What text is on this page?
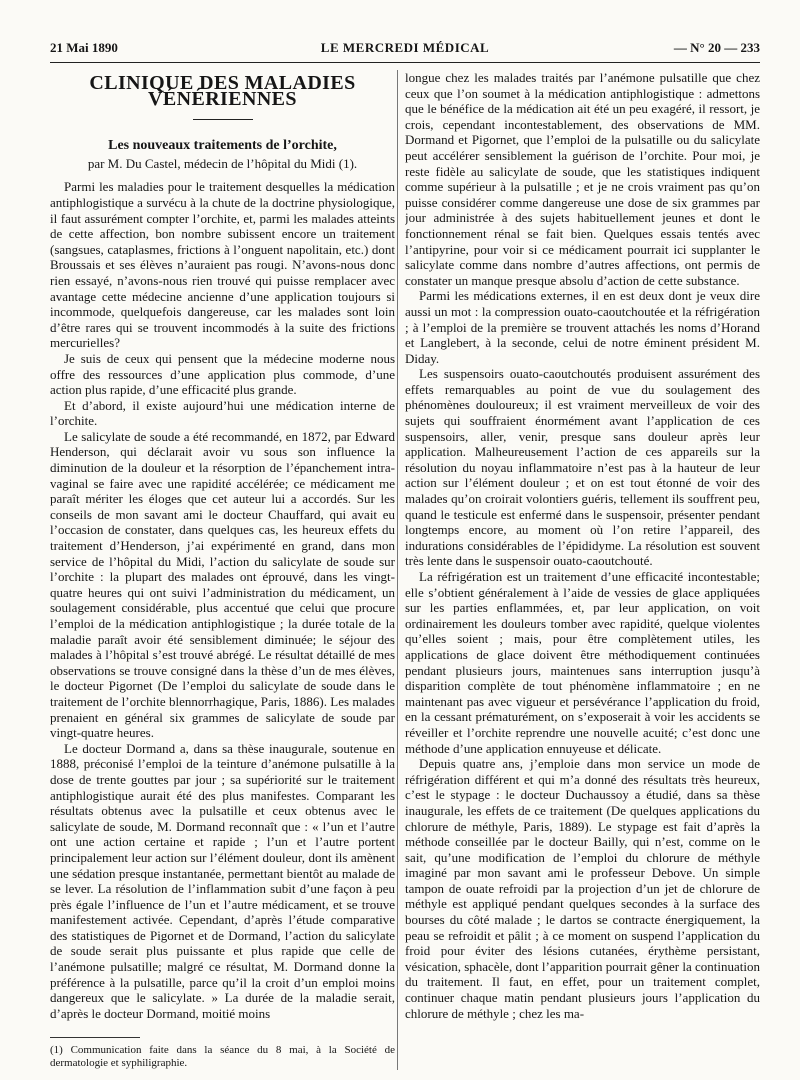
21 Mai 1890	LE MERCREDI MÉDICAL	— N° 20 — 233
CLINIQUE DES MALADIES VÉNÉRIENNES
Les nouveaux traitements de l’orchite,
par M. Du Castel, médecin de l’hôpital du Midi (1).

Parmi les maladies pour le traitement desquelles la médication antiphlogistique a survécu à la chute de la doctrine physiologique, il faut assurément compter l’orchite, et, parmi les malades atteints de cette affection, bon nombre subissent encore un traitement (sangsues, cataplasmes, frictions à l’onguent napolitain, etc.) dont Broussais et ses élèves n’auraient pas rougi. N’avons-nous donc rien essayé, n’avons-nous rien trouvé qui puisse remplacer avec avantage cette médecine ancienne d’une application toujours si incommode, quelquefois dangereuse, car les malades sont loin d’être rares qui se trouvent incommodés à la suite des frictions mercurielles?

Je suis de ceux qui pensent que la médecine moderne nous offre des ressources d’une application plus commode, d’une action plus rapide, d’une efficacité plus grande.

Et d’abord, il existe aujourd’hui une médication interne de l’orchite.

Le salicylate de soude a été recommandé, en 1872, par Edward Henderson, qui déclarait avoir vu sous son influence la diminution de la douleur et la résorption de l’épanchement intra-vaginal se faire avec une rapidité accélérée; ce médicament me paraît mériter les éloges que cet auteur lui a accordés. Sur les conseils de mon savant ami le docteur Chauffard, qui avait eu l’occasion de constater, dans quelques cas, les heureux effets du traitement d’Henderson, j’ai expérimenté en grand, dans mon service de l’hôpital du Midi, l’action du salicylate de soude sur l’orchite : la plupart des malades ont éprouvé, dans les vingt-quatre heures qui ont suivi l’administration du médicament, un soulagement considérable, plus accentué que celui que procure l’emploi de la médication antiphlogistique ; la durée totale de la maladie paraît avoir été sensiblement diminuée; le séjour des malades à l’hôpital s’est trouvé abrégé. Le résultat détaillé de mes observations se trouve consigné dans la thèse d’un de mes élèves, le docteur Pigornet (De l’emploi du salicylate de soude dans le traitement de l’orchite blennorrhagique, Paris, 1886). Les malades prenaient en général six grammes de salicylate de soude par vingt-quatre heures.

Le docteur Dormand a, dans sa thèse inaugurale, soutenue en 1888, préconisé l’emploi de la teinture d’anémone pulsatille à la dose de trente gouttes par jour ; sa supériorité sur le traitement antiphlogistique aurait été des plus manifestes. Comparant les résultats obtenus avec la pulsatille et ceux obtenus avec le salicylate de soude, M. Dormand reconnaît que : « l’un et l’autre ont une action certaine et rapide ; l’un et l’autre portent principalement leur action sur l’élément douleur, dont ils amènent une sédation presque instantanée, permettant bientôt au malade de se lever. La résolution de l’inflammation subit d’une façon à peu près égale l’influence de l’un et l’autre médicament, et se trouve manifestement activée. Cependant, d’après l’étude comparative des statistiques de Pigornet et de Dormand, l’action du salicylate de soude serait plus puissante et plus rapide que celle de l’anémone pulsatille; malgré ce résultat, M. Dormand donne la préférence à la pulsatille, parce qu’il la croit d’un emploi moins dangereux que le salicylate. » La durée de la maladie serait, d’après le docteur Dormand, moitié moins

(1) Communication faite dans la séance du 8 mai, à la Société de dermatologie et syphiligraphie.

longue chez les malades traités par l’anémone pulsatille que chez ceux que l’on soumet à la médication antiphlogistique : admettons que le bénéfice de la médication ait été un peu exagéré, il ressort, je crois, cependant incontestablement, des observations de MM. Dormand et Pigornet, que l’emploi de la pulsatille ou du salicylate peut accélérer sensiblement la guérison de l’orchite. Pour moi, je reste fidèle au salicylate de soude, que les statistiques indiquent comme supérieur à la pulsatille ; et je ne crois vraiment pas qu’on puisse considérer comme dangereuse une dose de six grammes par jour administrée à des sujets habituellement jeunes et dont le fonctionnement rénal se fait bien. Quelques essais tentés avec l’antipyrine, pour voir si ce médicament pourrait ici supplanter le salicylate comme dans nombre d’autres affections, ont permis de constater un manque presque absolu d’action de cette substance.

Parmi les médications externes, il en est deux dont je veux dire aussi un mot : la compression ouato-caoutchoutée et la réfrigération ; à l’emploi de la première se trouvent attachés les noms d’Horand et Langlebert, à la seconde, celui de notre éminent président M. Diday.

Les suspensoirs ouato-caoutchoutés produisent assurément des effets remarquables au point de vue du soulagement des phénomènes douloureux; il est vraiment merveilleux de voir des sujets qui souffraient énormément avant l’application de ces suspensoirs, aller, venir, presque sans douleur après leur application. Malheureusement l’action de ces appareils sur la résolution du noyau inflammatoire n’est pas à la hauteur de leur action sur l’élément douleur ; et on est tout étonné de voir des malades qu’on croirait volontiers guéris, tellement ils souffrent peu, quand le testicule est enfermé dans le suspensoir, présenter pendant longtemps encore, au moment où l’on retire l’appareil, des indurations considérables de l’épididyme. La résolution est souvent très lente dans le suspensoir ouato-caoutchouté.

La réfrigération est un traitement d’une efficacité incontestable; elle s’obtient généralement à l’aide de vessies de glace appliquées sur les parties enflammées, et, par leur application, on voit ordinairement les douleurs tomber avec rapidité, quelque violentes qu’elles soient ; mais, pour être complètement utiles, les applications de glace doivent être méthodiquement continuées pendant plusieurs jours, maintenues sans interruption jusqu’à disparition complète de tout phénomène inflammatoire ; en ne maintenant pas avec vigueur et persévérance l’application du froid, en la cessant prématurément, on s’exposerait à voir les accidents se réveiller et l’orchite reprendre une nouvelle acuité; c’est donc une méthode d’une application ennuyeuse et délicate.

Depuis quatre ans, j’emploie dans mon service un mode de réfrigération différent et qui m’a donné des résultats très heureux, c’est le stypage : le docteur Duchaussoy a étudié, dans sa thèse inaugurale, les effets de ce traitement (De quelques applications du chlorure de méthyle, Paris, 1889). Le stypage est fait d’après la méthode conseillée par le docteur Bailly, qui n’est, comme on le sait, qu’une modification de l’emploi du chlorure de méthyle imaginé par mon savant ami le professeur Debove. Un simple tampon de ouate refroidi par la projection d’un jet de chlorure de méthyle est appliqué pendant quelques secondes à la surface des bourses du côté malade ; le dartos se contracte énergiquement, la peau se refroidit et pâlit ; à ce moment on suspend l’application du froid pour éviter des lésions cutanées, érythème persistant, vésication, sphacèle, dont l’apparition pourrait gêner la continuation du traitement. Il faut, en effet, pour un traitement complet, continuer chaque matin pendant plusieurs jours l’application du chlorure de méthyle ; chez les ma-
